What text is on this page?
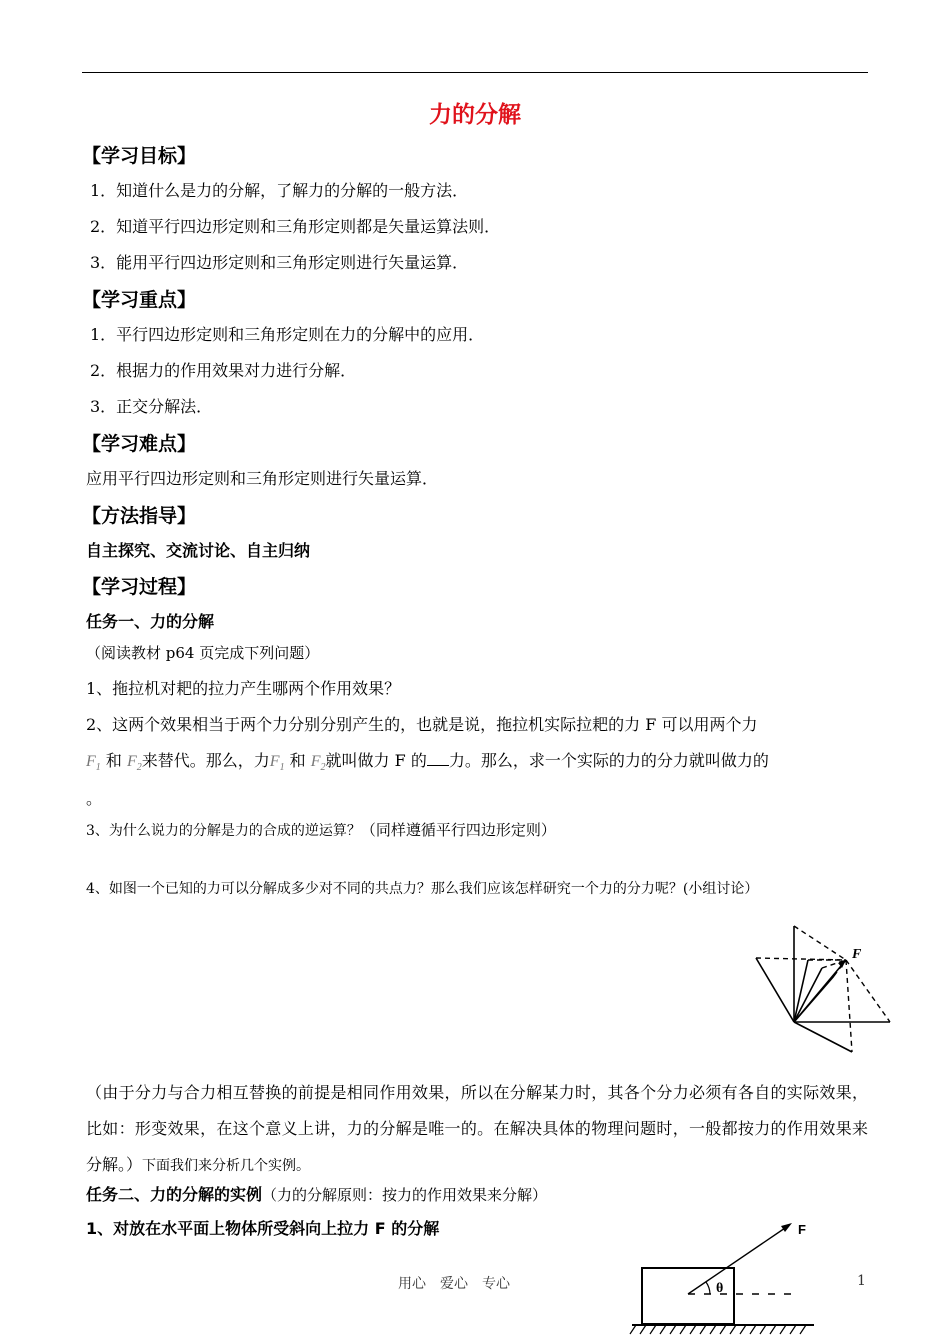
力的分解
【学习目标】
1．知道什么是力的分解，了解力的分解的一般方法．
2．知道平行四边形定则和三角形定则都是矢量运算法则．
3．能用平行四边形定则和三角形定则进行矢量运算．
【学习重点】
1．平行四边形定则和三角形定则在力的分解中的应用．
2．根据力的作用效果对力进行分解．
3．正交分解法．
【学习难点】
应用平行四边形定则和三角形定则进行矢量运算．
【方法指导】
自主探究、交流讨论、自主归纳
【学习过程】
任务一、力的分解
（阅读教材 p64 页完成下列问题）
1、拖拉机对耙的拉力产生哪两个作用效果？
2、这两个效果相当于两个力分别分别产生的，也就是说，拖拉机实际拉耙的力 F 可以用两个力
$F_1$ 和 $F_2$来替代。那么，力$F_1$ 和 $F_2$就叫做力 F 的 力。那么，求一个实际的力的分力就叫做力的
。
3、为什么说力的分解是力的合成的逆运算？（同样遵循平行四边形定则）
4、如图一个已知的力可以分解成多少对不同的共点力？那么我们应该怎样研究一个力的分力呢？(小组讨论）
F
（由于分力与合力相互替换的前提是相同作用效果，所以在分解某力时，其各个分力必须有各自的实际效果，比如：形变效果，在这个意义上讲，力的分解是唯一的。在解决具体的物理问题时，一般都按力的作用效果来分解。）下面我们来分析几个实例。
任务二、力的分解的实例（力的分解原则：按力的作用效果来分解）
1、对放在水平面上物体所受斜向上拉力 F 的分解	F
θ
用心　爱心　专心	1
